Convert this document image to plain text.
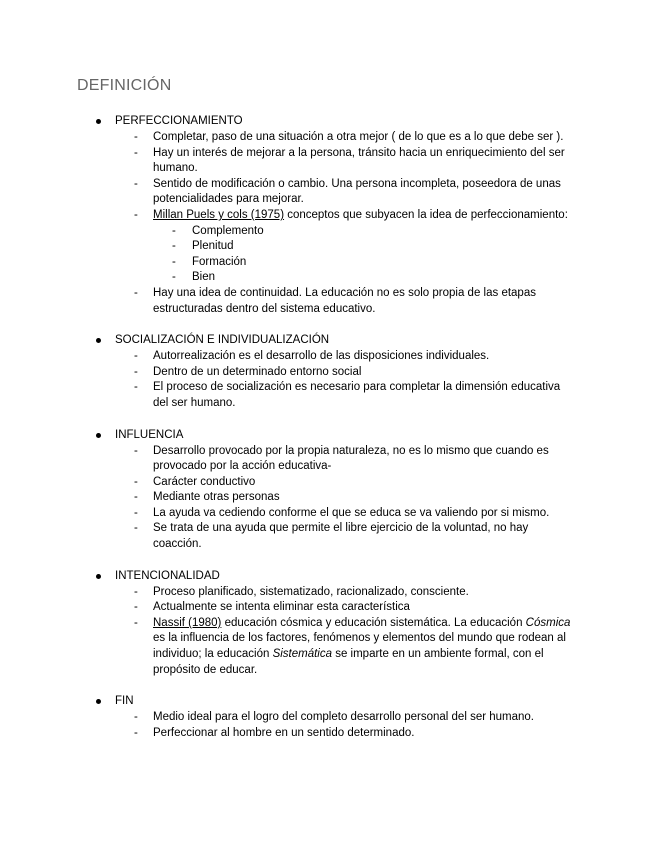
DEFINICIÓN
PERFECCIONAMIENTO
- Completar, paso de una situación a otra mejor ( de lo que es a lo que debe ser ).
- Hay un interés de mejorar a la persona, tránsito hacia un enriquecimiento del ser humano.
- Sentido de modificación o cambio. Una persona incompleta, poseedora de unas potencialidades para mejorar.
- Millan Puels y cols (1975) conceptos que subyacen la idea de perfeccionamiento:
- Complemento
- Plenitud
- Formación
- Bien
- Hay una idea de continuidad. La educación no es solo propia de las etapas estructuradas dentro del sistema educativo.
SOCIALIZACIÓN E INDIVIDUALIZACIÓN
- Autorrealización es el desarrollo de las disposiciones individuales.
- Dentro de un determinado entorno social
- El proceso de socialización es necesario para completar la dimensión educativa del ser humano.
INFLUENCIA
- Desarrollo provocado por la propia naturaleza, no es lo mismo que cuando es provocado por la acción educativa-
- Carácter conductivo
- Mediante otras personas
- La ayuda va cediendo conforme el que se educa se va valiendo por si mismo.
- Se trata de una ayuda que permite el libre ejercicio de la voluntad, no hay coacción.
INTENCIONALIDAD
- Proceso planificado, sistematizado, racionalizado, consciente.
- Actualmente se intenta eliminar esta característica
- Nassif (1980) educación cósmica y educación sistemática. La educación Cósmica es la influencia de los factores, fenómenos y elementos del mundo que rodean al individuo; la educación Sistemática se imparte en un ambiente formal, con el propósito de educar.
FIN
- Medio ideal para el logro del completo desarrollo personal del ser humano.
- Perfeccionar al hombre en un sentido determinado.
